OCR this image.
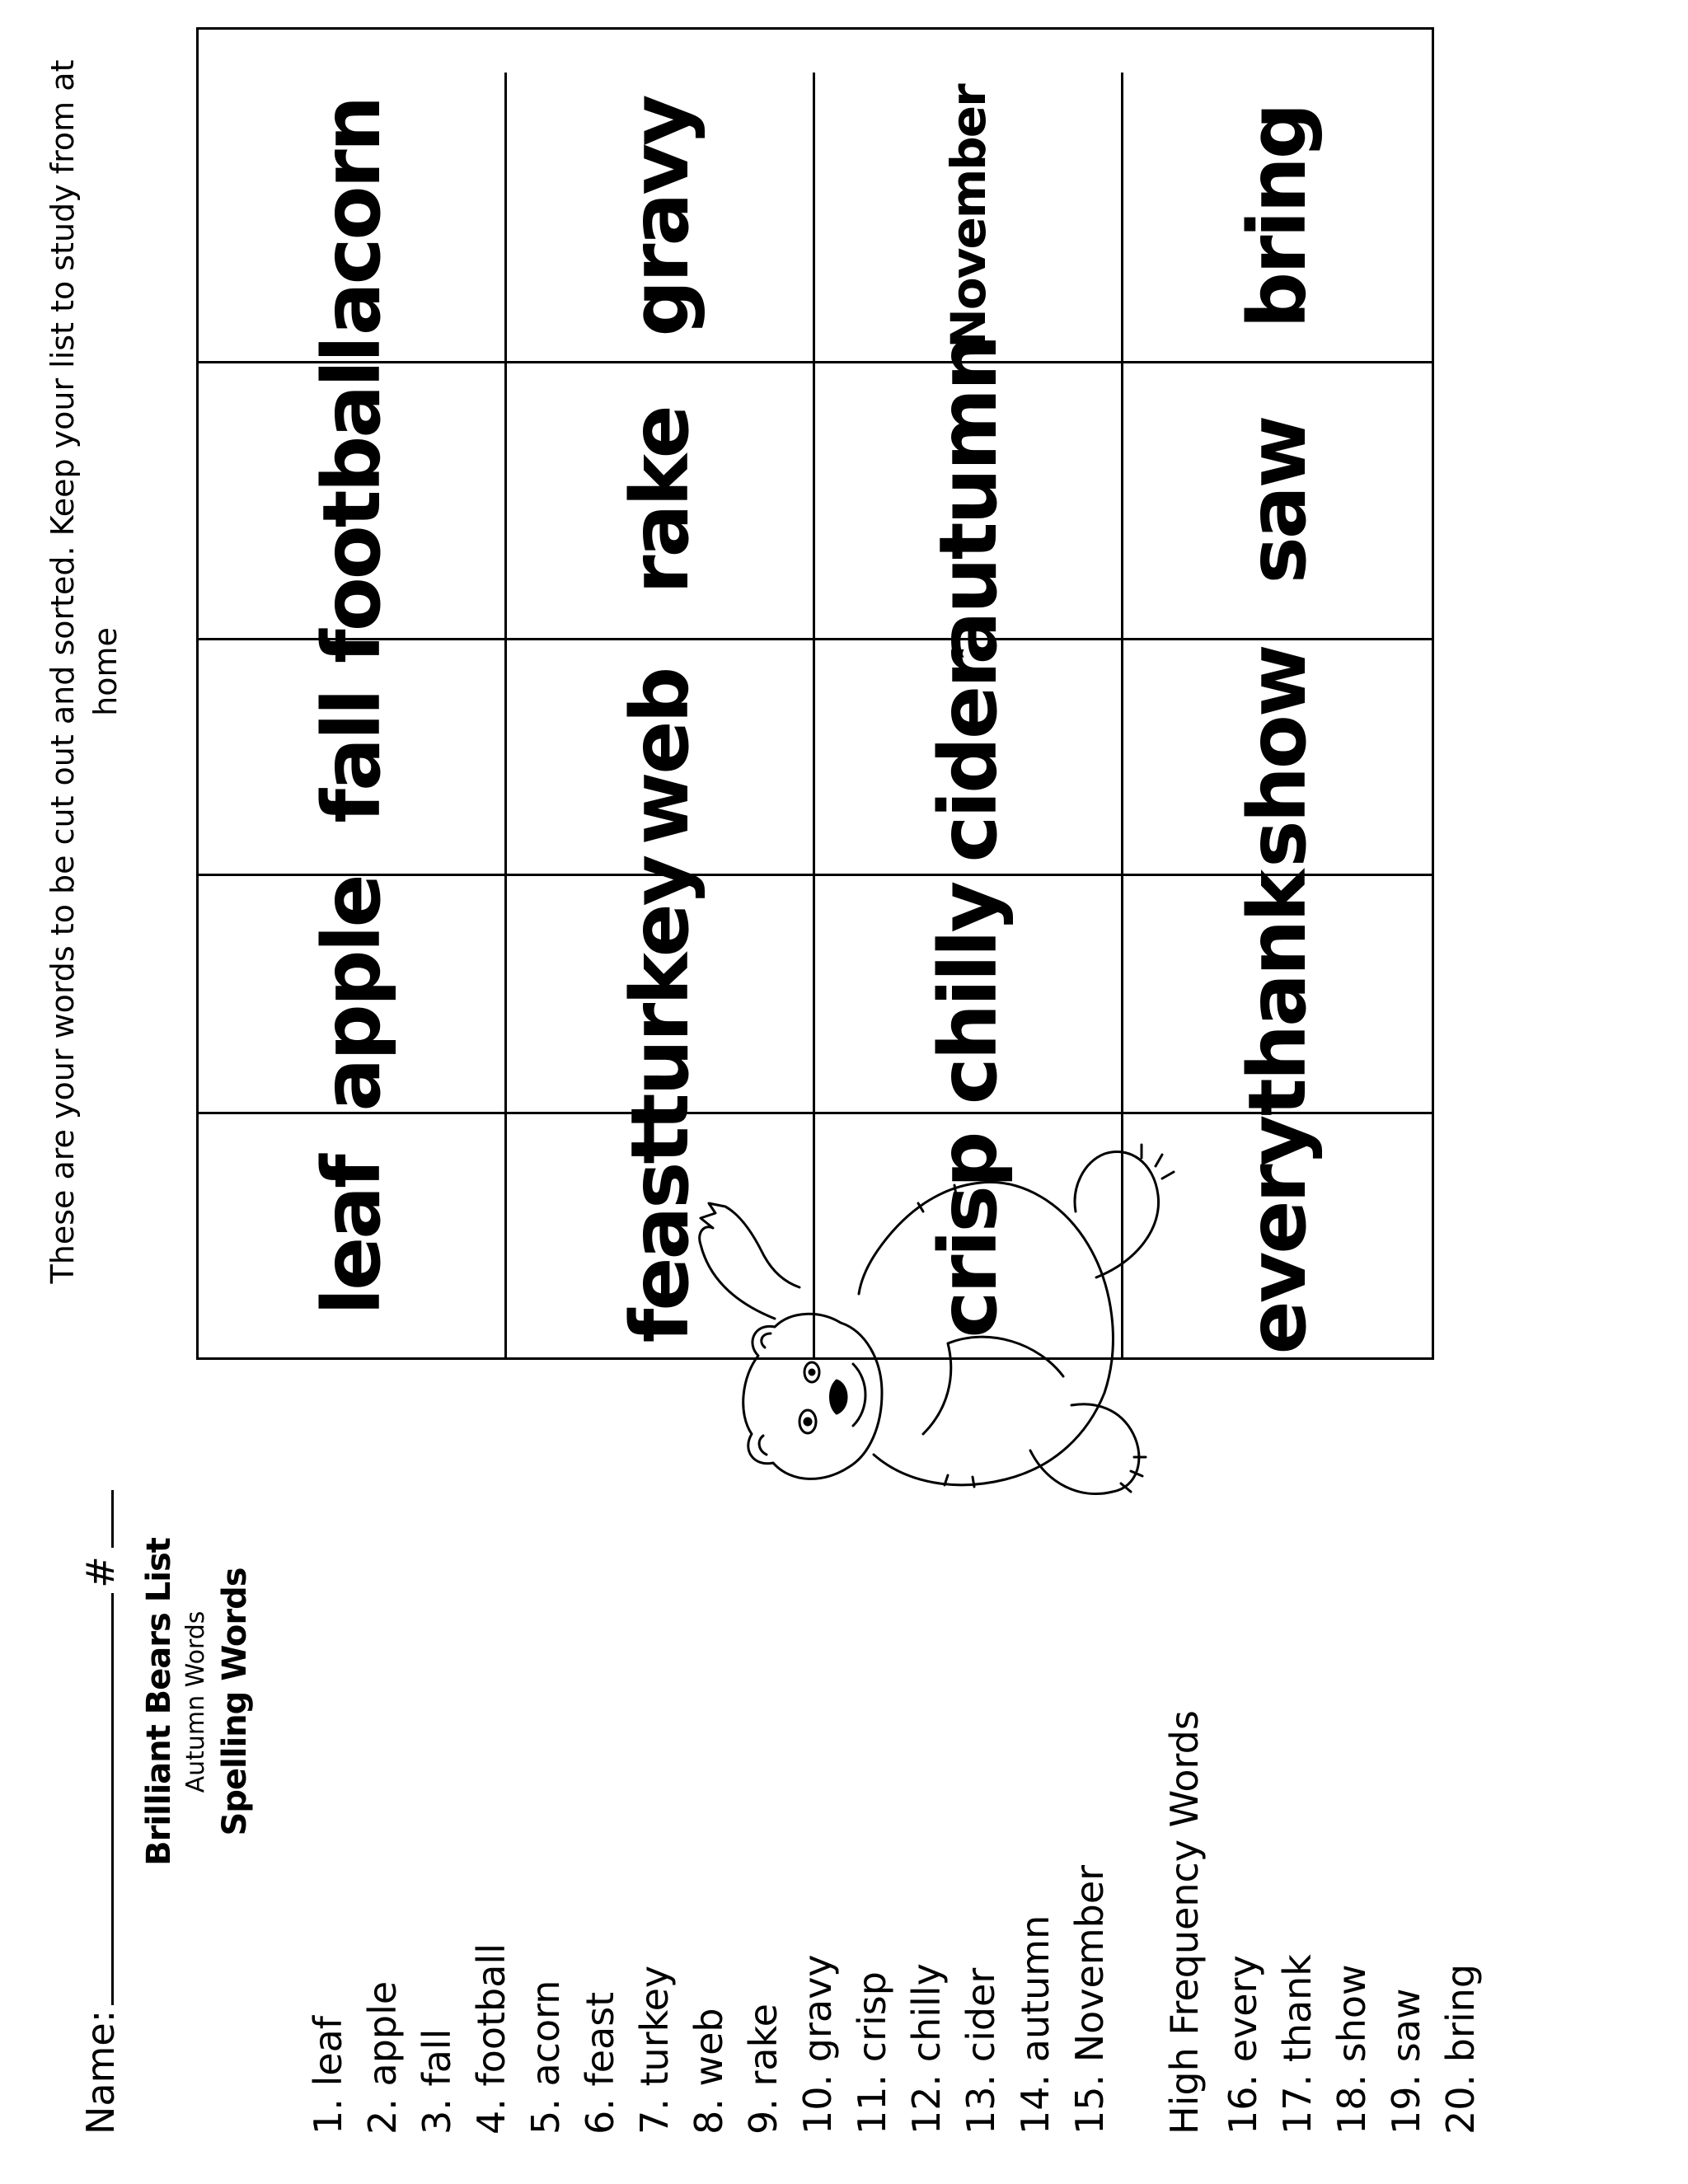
Name:# Brilliant Bears List Autumn Words Spelling Words
1. leaf 2. apple 3. fall 4. football 5. acorn 6. feast 7. turkey 8. web 9. rake 10. gravy 11. crisp 12. chilly 13. cider 14. autumn 15. November High Frequency Words 16. every 17. thank 18. show 19. saw 20. bring
These are your words to be cut out and sorted. Keep your list to study from at home
leaf
apple
fall
football
acorn
feast
turkey
web
rake
gravy
crisp
chilly
cider
autumn
November
every
thank
show
saw
bring
